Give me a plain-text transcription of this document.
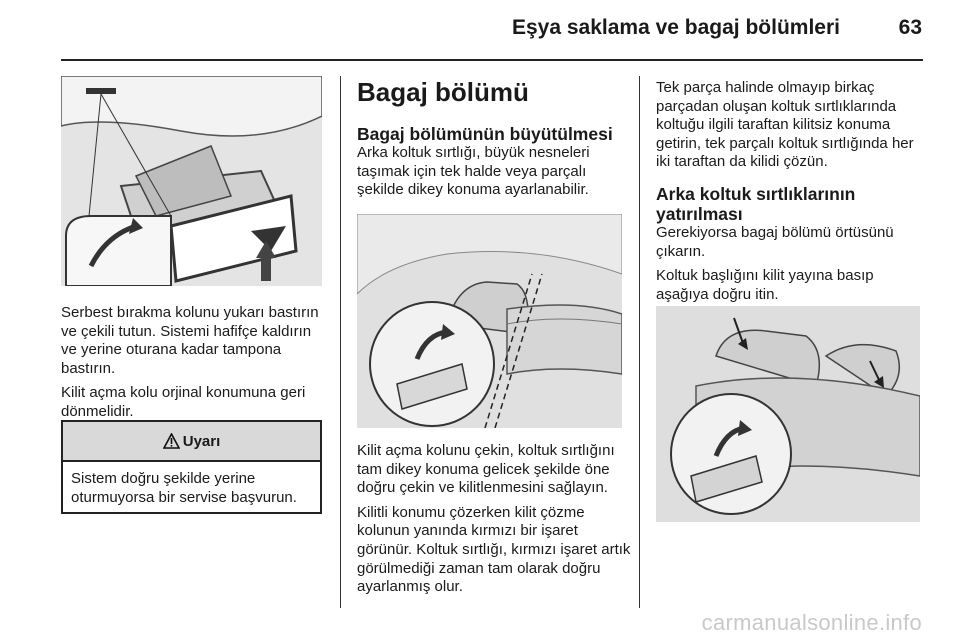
Eşya saklama ve bagaj bölümleri	63

Serbest bırakma kolunu yukarı bastırın ve çekili tutun. Sistemi hafifçe kaldırın ve yerine oturana kadar tampona bastırın.

Kilit açma kolu orjinal konumuna geri dönmelidir.

Uyarı
Sistem doğru şekilde yerine oturmuyorsa bir servise başvurun.
Bagaj bölümü
Bagaj bölümünün büyütülmesi

Arka koltuk sırtlığı, büyük nesneleri taşımak için tek halde veya parçalı şekilde dikey konuma ayarlanabilir.

Kilit açma kolunu çekin, koltuk sırtlığını tam dikey konuma gelicek şekilde öne doğru çekin ve kilitlenmesini sağlayın.

Kilitli konumu çözerken kilit çözme kolunun yanında kırmızı bir işaret görünür. Koltuk sırtlığı, kırmızı işaret artık görülmediği zaman tam olarak doğru ayarlanmış olur.

Tek parça halinde olmayıp birkaç parçadan oluşan koltuk sırtlıklarında koltuğu ilgili taraftan kilitsiz konuma getirin, tek parçalı koltuk sırtlığında her iki taraftan da kilidi çözün.

Arka koltuk sırtlıklarının yatırılması

Gerekiyorsa bagaj bölümü örtüsünü çıkarın.

Koltuk başlığını kilit yayına basıp aşağıya doğru itin.

carmanualsonline.info
